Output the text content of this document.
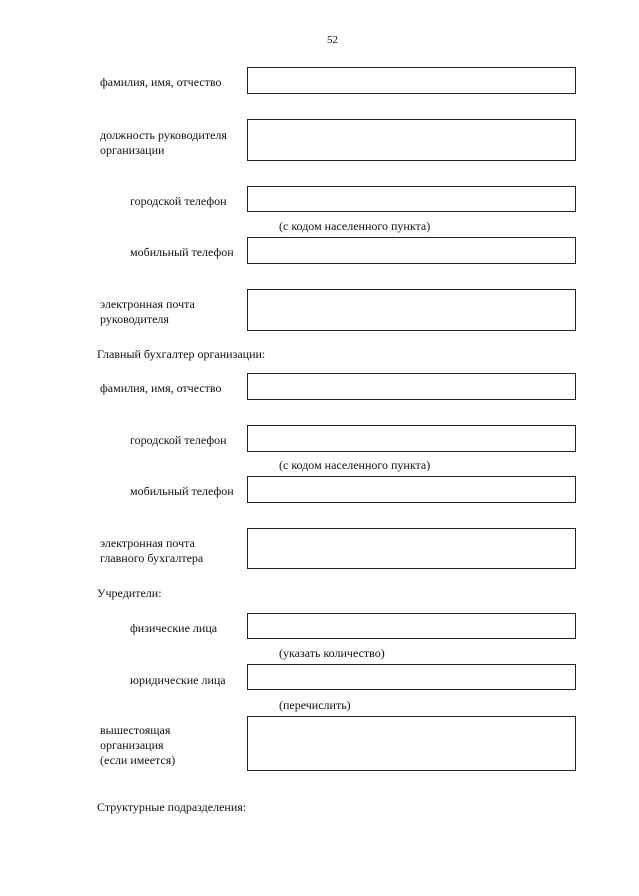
52
фамилия, имя, отчество
должность руководителя
организации
городской телефон
(с кодом населенного пункта)
мобильный телефон
электронная почта
руководителя
Главный бухгалтер организации:
фамилия, имя, отчество
городской телефон
(с кодом населенного пункта)
мобильный телефон
электронная почта
главного бухгалтера
Учредители:
физические лица
(указать количество)
юридические лица
(перечислить)
вышестоящая
организация
(если имеется)
Структурные подразделения:
